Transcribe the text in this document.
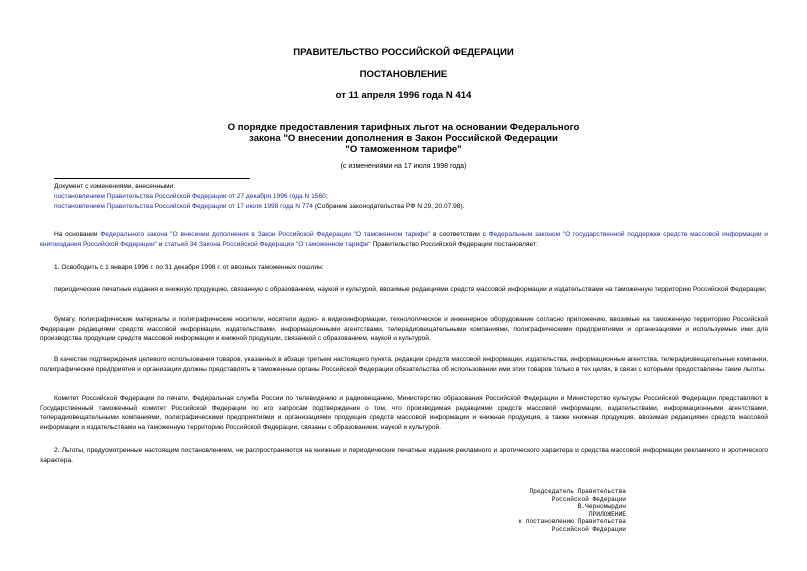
ПРАВИТЕЛЬСТВО РОССИЙСКОЙ ФЕДЕРАЦИИ
ПОСТАНОВЛЕНИЕ
от 11 апреля 1996 года N 414
О порядке предоставления тарифных льгот на основании Федерального
закона "О внесении дополнения в Закон Российской Федерации
"О таможенном тарифе"
(с изменениями на 17 июля 1998 года)
Документ с изменениями, внесенными:
постановлением Правительства Российской Федерации от 27 декабря 1996 года N 1560;
постановлением Правительства Российской Федерации от 17 июля 1998 года N 774 (Собрание законодательства РФ N 29, 20.07.98).
На основании Федерального закона "О внесении дополнения в Закон Российской Федерации "О таможенном тарифе" в соответствии с Федеральным законом "О государственной поддержке средств массовой информации и книгоиздания Российской Федерации" и статьей 34 Закона Российской Федерации "О таможенном тарифе" Правительство Российской Федерации постановляет:
1. Освободить с 1 января 1996 г. по 31 декабря 1998 г. от ввозных таможенных пошлин:
периодические печатные издания и книжную продукцию, связанную с образованием, наукой и культурой, ввозимые редакциями средств массовой информации и издательствами на таможенную территорию Российской Федерации;
бумагу, полиграфические материалы и полиграфические носители, носители аудио- и видеоинформации, технологическое и инженерное оборудование согласно приложению, ввозимые на таможенную территорию Российской Федерации редакциями средств массовой информации, издательствами, информационными агентствами, телерадиовещательными компаниями, полиграфическими предприятиями и организациями и используемые ими для производства продукции средств массовой информации и книжной продукции, связанной с образованием, наукой и культурой.
В качестве подтверждения целевого использования товаров, указанных в абзаце третьем настоящего пункта, редакции средств массовой информации, издательства, информационные агентства, телерадиовещательные компании, полиграфические предприятия и организации должны представлять в таможенные органы Российской Федерации обязательства об использовании ими этих товаров только в тех целях, в связи с которыми предоставлены такие льготы.
Комитет Российской Федерации по печати, Федеральная служба России по телевидению и радиовещанию, Министерство образования Российской Федерации и Министерство культуры Российской Федерации представляют в Государственный таможенный комитет Российской Федерации по его запросам подтверждения о том, что производимая редакциями средств массовой информации, издательствами, информационными агентствами, телерадиовещательными компаниями, полиграфическими предприятиями и организациями продукция средств массовой информации и книжная продукция, а также книжная продукция, ввозимая редакциями средств массовой информации и издательствами на таможенную территорию Российской Федерации, связаны с образованием, наукой и культурой.
2. Льготы, предусмотренные настоящим постановлением, не распространяются на книжные и периодические печатные издания рекламного и эротического характера и средства массовой информации рекламного и эротического характера.
Председатель Правительства
Российской Федерации
В.Черномырдин
ПРИЛОЖЕНИЕ
к постановлению Правительства
Российской Федерации
